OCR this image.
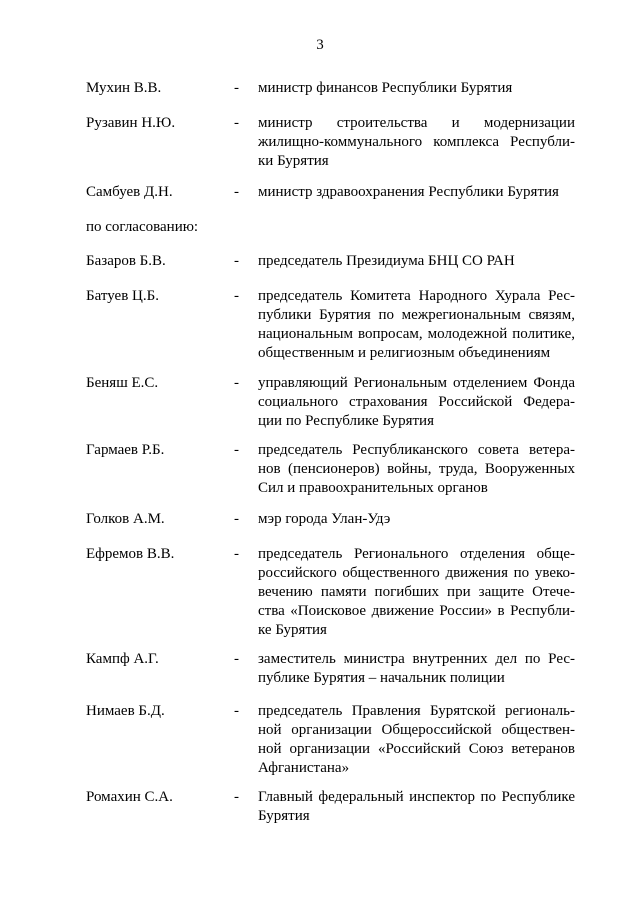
3
Мухин В.В.	- министр финансов Республики Бурятия
Рузавин Н.Ю.	- министр строительства и модернизации
жилищно-коммунального комплекса Республи-
ки Бурятия
Самбуев Д.Н.	- министр здравоохранения Республики Бурятия
по согласованию:
Базаров Б.В.	- председатель Президиума БНЦ СО РАН
Батуев Ц.Б.	- председатель Комитета Народного Хурала Рес-
публики Бурятия по межрегиональным связям,
национальным вопросам, молодежной политике,
общественным и религиозным объединениям
Беняш Е.С.	- управляющий Региональным отделением Фонда
социального страхования Российской Федера-
ции по Республике Бурятия
Гармаев Р.Б.	- председатель Республиканского совета ветера-
нов (пенсионеров) войны, труда, Вооруженных
Сил и правоохранительных органов
Голков А.М.	- мэр города Улан-Удэ
Ефремов В.В.	- председатель Регионального отделения обще-
российского общественного движения по увеко-
вечению памяти погибших при защите Отече-
ства «Поисковое движение России» в Республи-
ке Бурятия
Кампф А.Г.	- заместитель министра внутренних дел по Рес-
публике Бурятия – начальник полиции
Нимаев Б.Д.	- председатель Правления Бурятской региональ-
ной организации Общероссийской обществен-
ной организации «Российский Союз ветеранов
Афганистана»
Ромахин С.А.	- Главный федеральный инспектор по Республике
Бурятия
